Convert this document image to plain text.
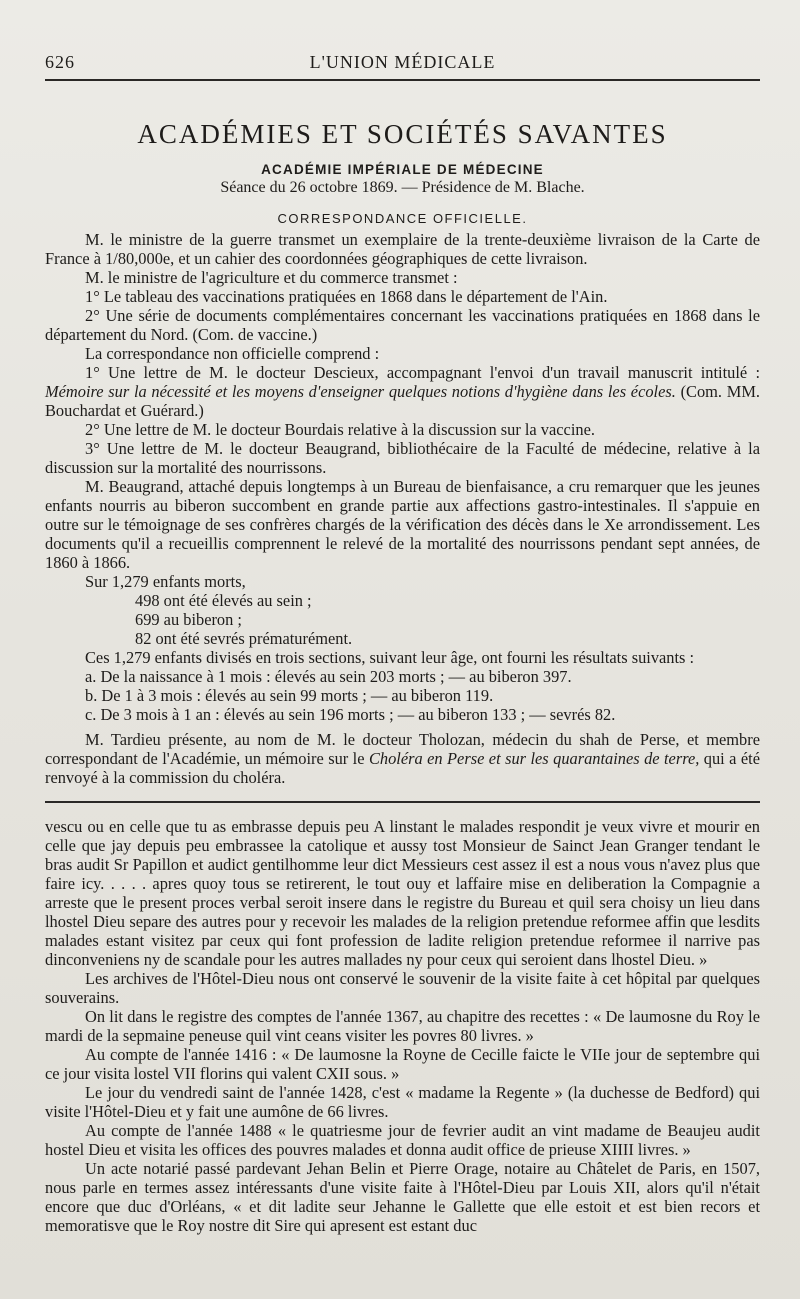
626	L'UNION MÉDICALE
ACADÉMIES ET SOCIÉTÉS SAVANTES
ACADÉMIE IMPÉRIALE DE MÉDECINE
Séance du 26 octobre 1869. — Présidence de M. Blache.
CORRESPONDANCE OFFICIELLE.

M. le ministre de la guerre transmet un exemplaire de la trente-deuxième livraison de la Carte de France à 1/80,000e, et un cahier des coordonnées géographiques de cette livraison.

M. le ministre de l'agriculture et du commerce transmet :

1° Le tableau des vaccinations pratiquées en 1868 dans le département de l'Ain.

2° Une série de documents complémentaires concernant les vaccinations pratiquées en 1868 dans le département du Nord. (Com. de vaccine.)

La correspondance non officielle comprend :

1° Une lettre de M. le docteur Descieux, accompagnant l'envoi d'un travail manuscrit intitulé : Mémoire sur la nécessité et les moyens d'enseigner quelques notions d'hygiène dans les écoles. (Com. MM. Bouchardat et Guérard.)

2° Une lettre de M. le docteur Bourdais relative à la discussion sur la vaccine.

3° Une lettre de M. le docteur Beaugrand, bibliothécaire de la Faculté de médecine, relative à la discussion sur la mortalité des nourrissons.

M. Beaugrand, attaché depuis longtemps à un Bureau de bienfaisance, a cru remarquer que les jeunes enfants nourris au biberon succombent en grande partie aux affections gastro-intestinales. Il s'appuie en outre sur le témoignage de ses confrères chargés de la vérification des décès dans le Xe arrondissement. Les documents qu'il a recueillis comprennent le relevé de la mortalité des nourrissons pendant sept années, de 1860 à 1866.

Sur 1,279 enfants morts,

498 ont été élevés au sein ;

699 au biberon ;

82 ont été sevrés prématurément.

Ces 1,279 enfants divisés en trois sections, suivant leur âge, ont fourni les résultats suivants :

a. De la naissance à 1 mois : élevés au sein 203 morts ; — au biberon 397.

b. De 1 à 3 mois : élevés au sein 99 morts ; — au biberon 119.

c. De 3 mois à 1 an : élevés au sein 196 morts ; — au biberon 133 ; — sevrés 82.

M. Tardieu présente, au nom de M. le docteur Tholozan, médecin du shah de Perse, et membre correspondant de l'Académie, un mémoire sur le Choléra en Perse et sur les quarantaines de terre, qui a été renvoyé à la commission du choléra.

vescu ou en celle que tu as embrasse depuis peu A linstant le malades respondit je veux vivre et mourir en celle que jay depuis peu embrassee la catolique et aussy tost Monsieur de Sainct Jean Granger tendant le bras audit Sr Papillon et audict gentilhomme leur dict Messieurs cest assez il est a nous vous n'avez plus que faire icy. . . . . apres quoy tous se retirerent, le tout ouy et laffaire mise en deliberation la Compagnie a arreste que le present proces verbal seroit insere dans le registre du Bureau et quil sera choisy un lieu dans lhostel Dieu separe des autres pour y recevoir les malades de la religion pretendue reformee affin que lesdits malades estant visitez par ceux qui font profession de ladite religion pretendue reformee il narrive pas dinconveniens ny de scandale pour les autres mallades ny pour ceux qui seroient dans lhostel Dieu. »

Les archives de l'Hôtel-Dieu nous ont conservé le souvenir de la visite faite à cet hôpital par quelques souverains.

On lit dans le registre des comptes de l'année 1367, au chapitre des recettes : « De laumosne du Roy le mardi de la sepmaine peneuse quil vint ceans visiter les povres 80 livres. »

Au compte de l'année 1416 : « De laumosne la Royne de Cecille faicte le VIIe jour de septembre qui ce jour visita lostel VII florins qui valent CXII sous. »

Le jour du vendredi saint de l'année 1428, c'est « madame la Regente » (la duchesse de Bedford) qui visite l'Hôtel-Dieu et y fait une aumône de 66 livres.

Au compte de l'année 1488 « le quatriesme jour de fevrier audit an vint madame de Beaujeu audit hostel Dieu et visita les offices des pouvres malades et donna audit office de prieuse XIIII livres. »

Un acte notarié passé pardevant Jehan Belin et Pierre Orage, notaire au Châtelet de Paris, en 1507, nous parle en termes assez intéressants d'une visite faite à l'Hôtel-Dieu par Louis XII, alors qu'il n'était encore que duc d'Orléans, « et dit ladite seur Jehanne le Gallette que elle estoit et est bien recors et memoratisve que le Roy nostre dit Sire qui apresent est estant duc
